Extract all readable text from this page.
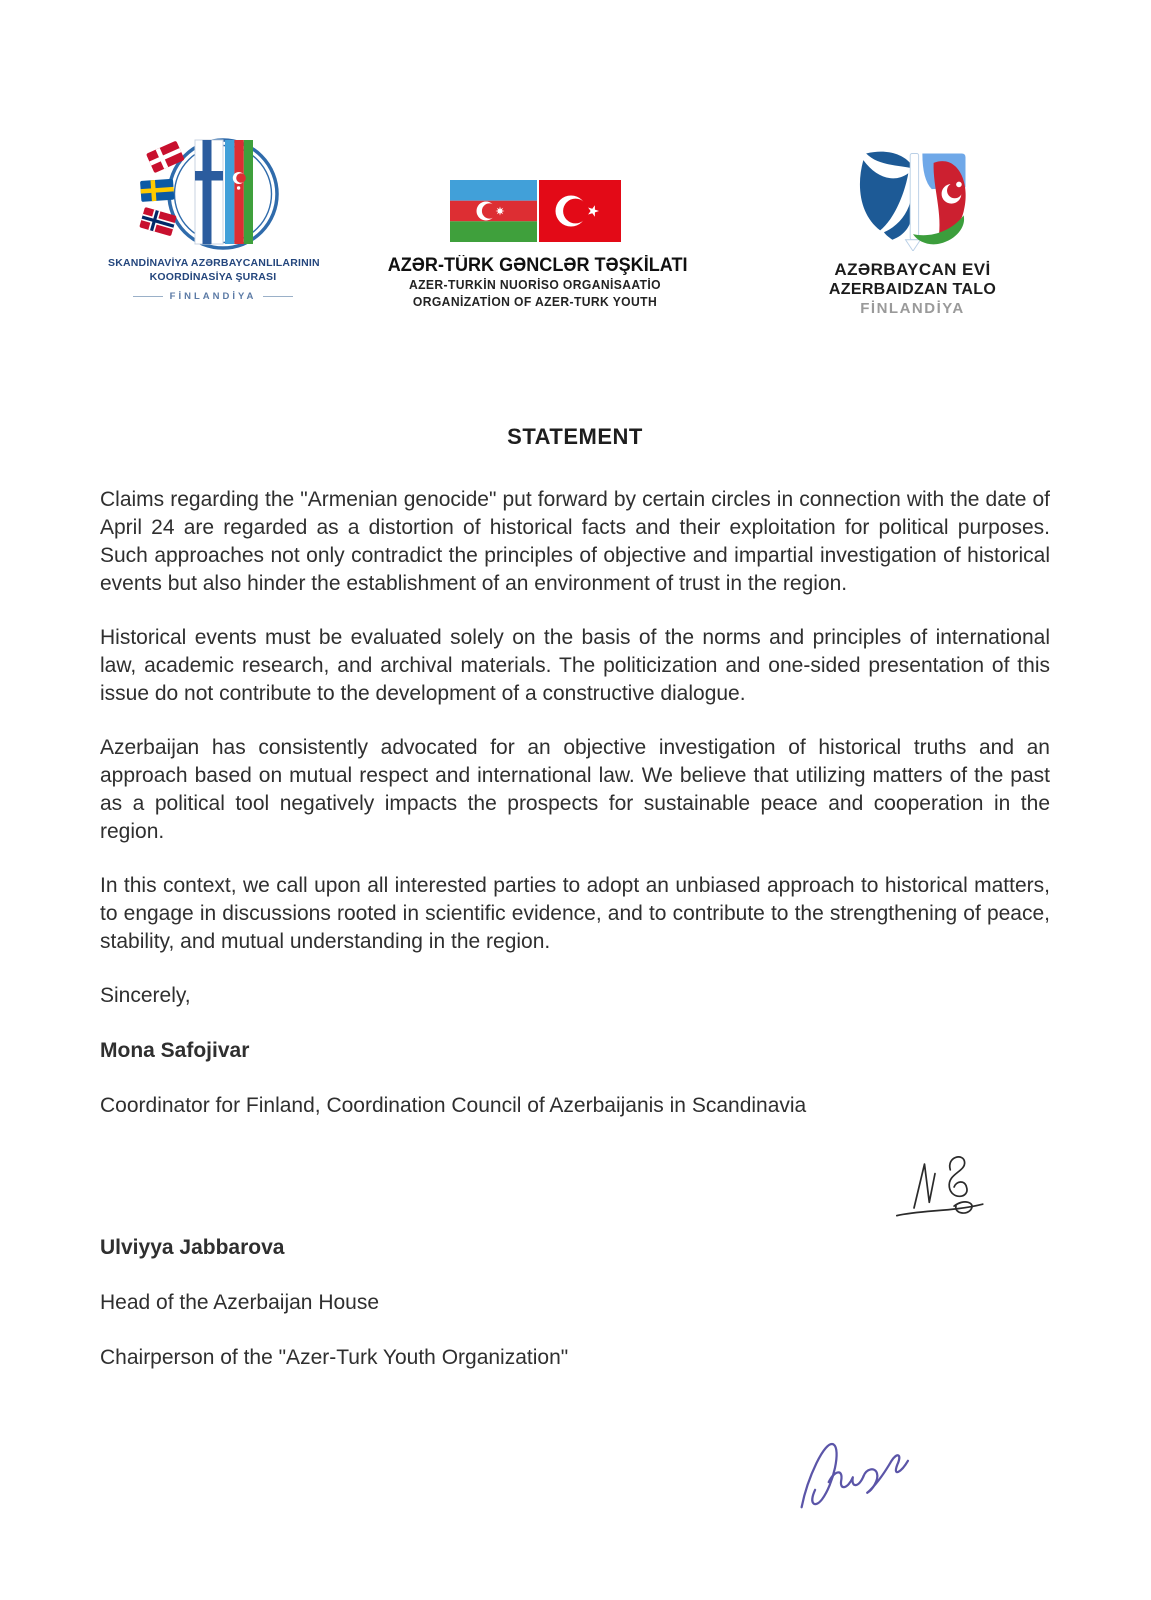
SKANDİNAVİYA AZƏRBAYCANLILARININ
KOORDİNASİYA ŞURASI
FİNLANDİYA
AZƏR-TÜRK GƏNCLƏR TƏŞKİLATI
AZER-TURKİN NUORİSO ORGANİSAATİO
ORGANİZATİON OF AZER-TURK YOUTH
AZƏRBAYCAN EVİ
AZERBAIDZAN TALO
FİNLANDİYA
STATEMENT

Claims regarding the "Armenian genocide" put forward by certain circles in connection with the date of April 24 are regarded as a distortion of historical facts and their exploitation for political purposes. Such approaches not only contradict the principles of objective and impartial investigation of historical events but also hinder the establishment of an environment of trust in the region.

Historical events must be evaluated solely on the basis of the norms and principles of international law, academic research, and archival materials. The politicization and one-sided presentation of this issue do not contribute to the development of a constructive dialogue.

Azerbaijan has consistently advocated for an objective investigation of historical truths and an approach based on mutual respect and international law. We believe that utilizing matters of the past as a political tool negatively impacts the prospects for sustainable peace and cooperation in the region.

In this context, we call upon all interested parties to adopt an unbiased approach to historical matters, to engage in discussions rooted in scientific evidence, and to contribute to the strengthening of peace, stability, and mutual understanding in the region.

Sincerely,

Mona Safojivar

Coordinator for Finland, Coordination Council of Azerbaijanis in Scandinavia

Ulviyya Jabbarova

Head of the Azerbaijan House

Chairperson of the "Azer-Turk Youth Organization"
